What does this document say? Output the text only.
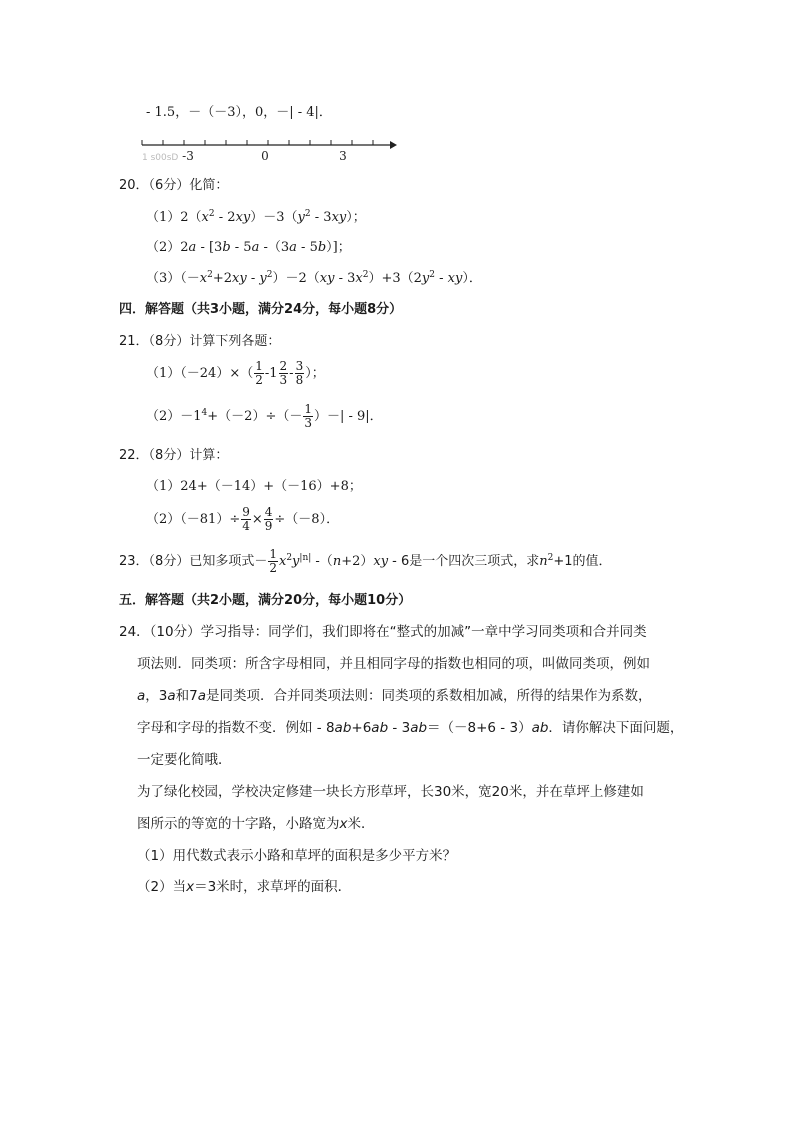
- 1.5，－（－3），0，－| - 4|．
1 s00sD -3	0	3
20．（6分）化简：
$(1)2(x^2 - 2xy)-3(y^2 - 3xy)$；
（2）2a - [3b - 5a -（3a - 5b）]；
$(3)(-x^2+2xy - y^2)-2(xy - 3x^2)+3(2y^2 - xy)$．
四．解答题（共3小题，满分24分，每小题8分）
21．（8分）计算下列各题：
$(1)(-24)\times( \frac{1}{2} -1 \frac{2}{3} - \frac{3}{8}$ ）；
$(2)-1^4+(-2)\div(- \frac{1}{3}$ ）－| - 9|．
22．（8分）计算：
（1）24+（－14）+（－16）+8；
$(2)(-81)\div \frac{9}{4} \times \frac{4}{9} \div(-8)$．
23．（8分）已知多项式－ $\frac{1}{2} x^2y^{|n|}$ -（n+2）xy - 6是一个四次三项式，求$n^2+1$的值．
五．解答题（共2小题，满分20分，每小题10分）
24．（10分）学习指导：同学们，我们即将在“整式的加减”一章中学习同类项和合并同类
项法则．同类项：所含字母相同，并且相同字母的指数也相同的项，叫做同类项，例如
a，3a和7a是同类项．合并同类项法则：同类项的系数相加减，所得的结果作为系数，
字母和字母的指数不变．例如 - 8ab+6ab - 3ab＝（－8+6 - 3）ab．请你解决下面问题，
一定要化简哦．
为了绿化校园，学校决定修建一块长方形草坪，长30米，宽20米，并在草坪上修建如
图所示的等宽的十字路，小路宽为x米．
（1）用代数式表示小路和草坪的面积是多少平方米？
（2）当x＝3米时，求草坪的面积．
